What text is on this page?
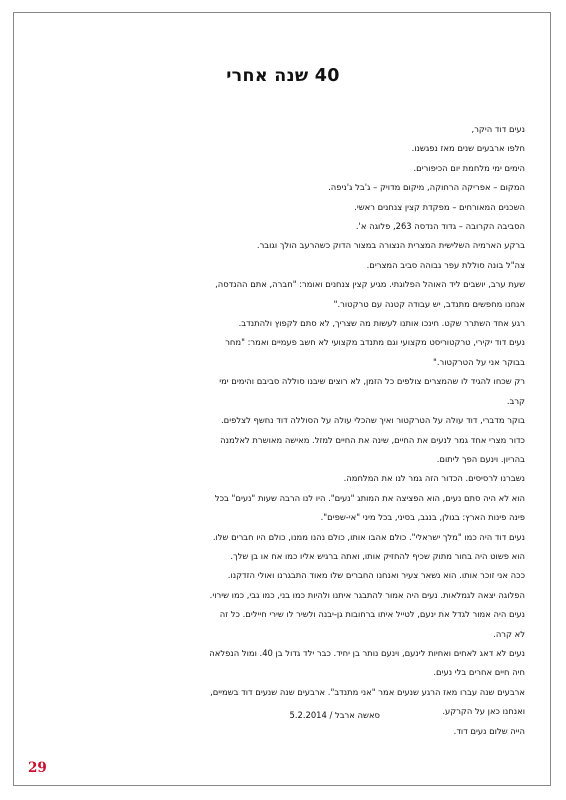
40 שנה אחרי

נעים דוד היקר,

חלפו ארבעים שנים מאז נפגשנו.

הימים ימי מלחמת יום הכיפורים.

המקום – אפריקה הרחוקה, מיקום מדויק – ג'בל ג'ניפה.

השכנים המאורחים – מפקדת קצין צנחנים ראשי.

הסביבה הקרובה – גדוד הנדסה 263, פלוגה א'.

ברקע הארמיה השלישית המצרית הנצורה במצור הדוק כשהרעב הולך וגובר.

צה"ל בונה סוללת עפר גבוהה סביב המצרים.

שעת ערב, יושבים ליד האוהל הפלוגתי. מגיע קצין צנחנים ואומר: "חברה, אתם ההנדסה,

אנחנו מחפשים מתנדב, יש עבודה קטנה עם טרקטור."

רגע אחד השתרר שקט. חינכו אותנו לעשות מה שצריך, לא סתם לקפוץ ולהתנדב.

נעים דוד יקירי, טרקטוריסט מקצועי וגם מתנדב מקצועי לא חשב פעמיים ואמר: "מחר

בבוקר אני על הטרקטור."

רק שכחו להגיד לו שהמצרים צולפים כל הזמן, לא רוצים שיבנו סוללה סביבם והימים ימי

קרב.

בוקר מדברי, דוד עולה על הטרקטור ואיך שהכלי עולה על הסוללה דוד נחשף לצלפים.

כדור מצרי אחד גמר לנעים את החיים, שינה את החיים למזל. מאישה מאושרת לאלמנה

בהריון. וינעם הפך ליתום.

נשברנו לרסיסים. הכדור הזה גמר לנו את המלחמה.

הוא לא היה סתם נעים, הוא הפציצה את המותג "נעים". היו לנו הרבה שעות "נעים" בכל

פינה פינות הארץ: בגולן, בנגב, בסיני, בכל מיני "אי-שפים".

נעים דוד היה כמו "מלך ישראלי". כולם אהבו אותו, כולם נהנו ממנו, כולם היו חברים שלו.

הוא פשוט היה בחור מתוק שכיף להחזיק אותו, ואתה ברגיש אליו כמו אח או בן שלך.

ככה אני זוכר אותו. הוא נשאר צעיר ואנחנו החברים שלו מאוד התבגרנו ואולי הזדקנו.

הפלוגה יצאה לגמלאות. נעים היה אמור להתבגר איתנו ולהיות כמו בני, כמו גבי, כמו שירוי.

נעים היה אמור לגדל את ינעם, לטייל איתו ברחובות גן-יבנה ולשיר לו שירי חיילים. כל זה

לא קרה.

נעים לא דאג לאחים ואחיות לינעם, וינעם נותר בן יחיד. כבר ילד גדול בן 40. ומול הנפלאה

חיה חיים אחרים בלי נעים.

ארבעים שנה עברו מאז הרגע שנעים אמר "אני מתנדב". ארבעים שנה שנעים דוד בשמיים,

ואנחנו כאן על הקרקע.

הייה שלום נעים דוד.

סאשה ארבל / 5.2.2014
29
